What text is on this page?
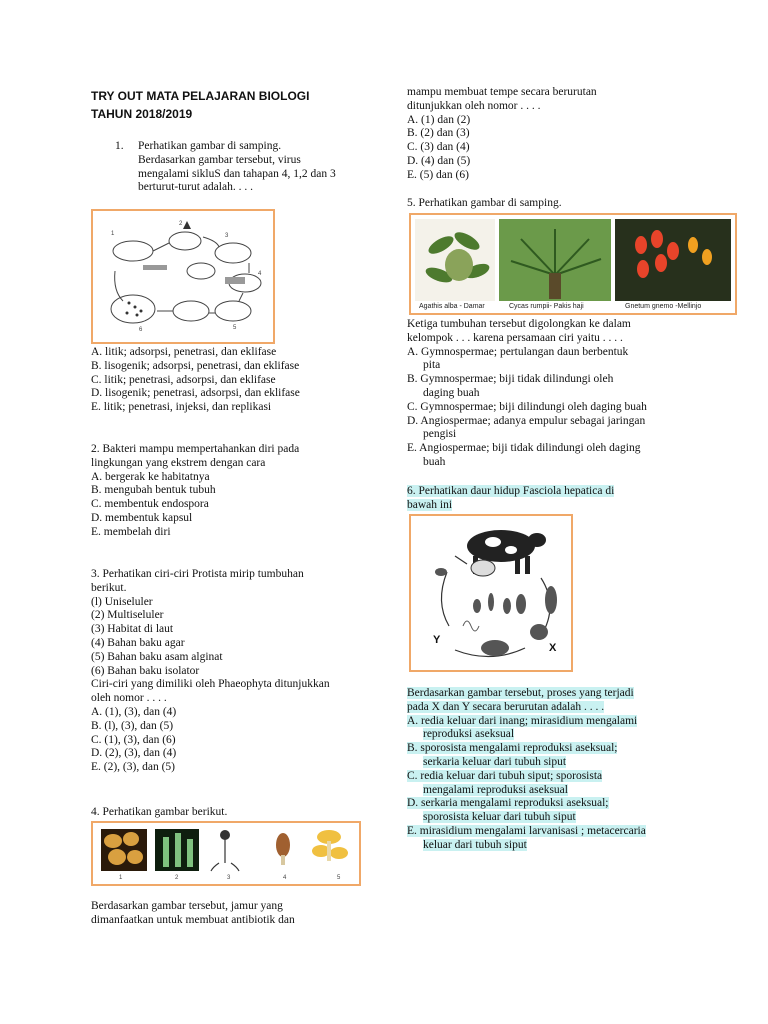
TRY OUT MATA PELAJARAN BIOLOGI
TAHUN 2018/2019
1. Perhatikan gambar di samping.
Berdasarkan gambar tersebut, virus
mengalami sikluS dan tahapan 4, 1,2 dan 3
berturut-turut adalah. . . .
1
2
3
4
5
6
A. litik; adsorpsi, penetrasi, dan eklifase
B. lisogenik; adsorpsi, penetrasi, dan eklifase
C. litik; penetrasi, adsorpsi, dan eklifase
D. lisogenik; penetrasi, adsorpsi, dan eklifase
E. litik; penetrasi, injeksi, dan replikasi
2. Bakteri mampu mempertahankan diri pada
lingkungan yang ekstrem dengan cara
A. bergerak ke habitatnya
B. mengubah bentuk tubuh
C. membentuk endospora
D. membentuk kapsul
E. membelah diri
3. Perhatikan ciri-ciri Protista mirip tumbuhan
berikut.
(l) Uniseluler
(2) Multiseluler
(3) Habitat di laut
(4) Bahan baku agar
(5) Bahan baku asam alginat
(6) Bahan baku isolator
Ciri-ciri yang dimiliki oleh Phaeophyta ditunjukkan
oleh nomor . . . .
A. (1), (3), dan (4)
B. (l), (3), dan (5)
C. (1), (3), dan (6)
D. (2), (3), dan (4)
E. (2), (3), dan (5)
4. Perhatikan gambar berikut.
1	2	3	4	5
Berdasarkan gambar tersebut, jamur yang
dimanfaatkan untuk membuat antibiotik dan
mampu membuat tempe secara berurutan
ditunjukkan oleh nomor . . . .
A. (1) dan (2)
B. (2) dan (3)
C. (3) dan (4)
D. (4) dan (5)
E. (5) dan (6)
5. Perhatikan gambar di samping.
Agathis alba - Damar	Cycas rumpii- Pakis haji	Gnetum gnemo -Mellinjo
Ketiga tumbuhan tersebut digolongkan ke dalam
kelompok . . . karena persamaan ciri yaitu . . . .
A. Gymnospermae; pertulangan daun berbentuk
pita
B. Gymnospermae; biji tidak dilindungi oleh
daging buah
C. Gymnospermae; biji dilindungi oleh daging buah
D. Angiospermae; adanya empulur sebagai jaringan
pengisi
E. Angiospermae; biji tidak dilindungi oleh daging
buah
6. Perhatikan daur hidup Fasciola hepatica di
bawah ini
Y
X
Berdasarkan gambar tersebut, proses yang terjadi
pada X dan Y secara berurutan adalah . . . .
A. redia keluar dari inang; mirasidium mengalami
reproduksi aseksual
B. sporosista mengalami reproduksi aseksual;
serkaria keluar dari tubuh siput
C. redia keluar dari tubuh siput; sporosista
mengalami reproduksi aseksual
D. serkaria mengalami reproduksi aseksual;
sporosista keluar dari tubuh siput
E. mirasidium mengalami larvanisasi ; metacercaria
keluar dari tubuh siput
